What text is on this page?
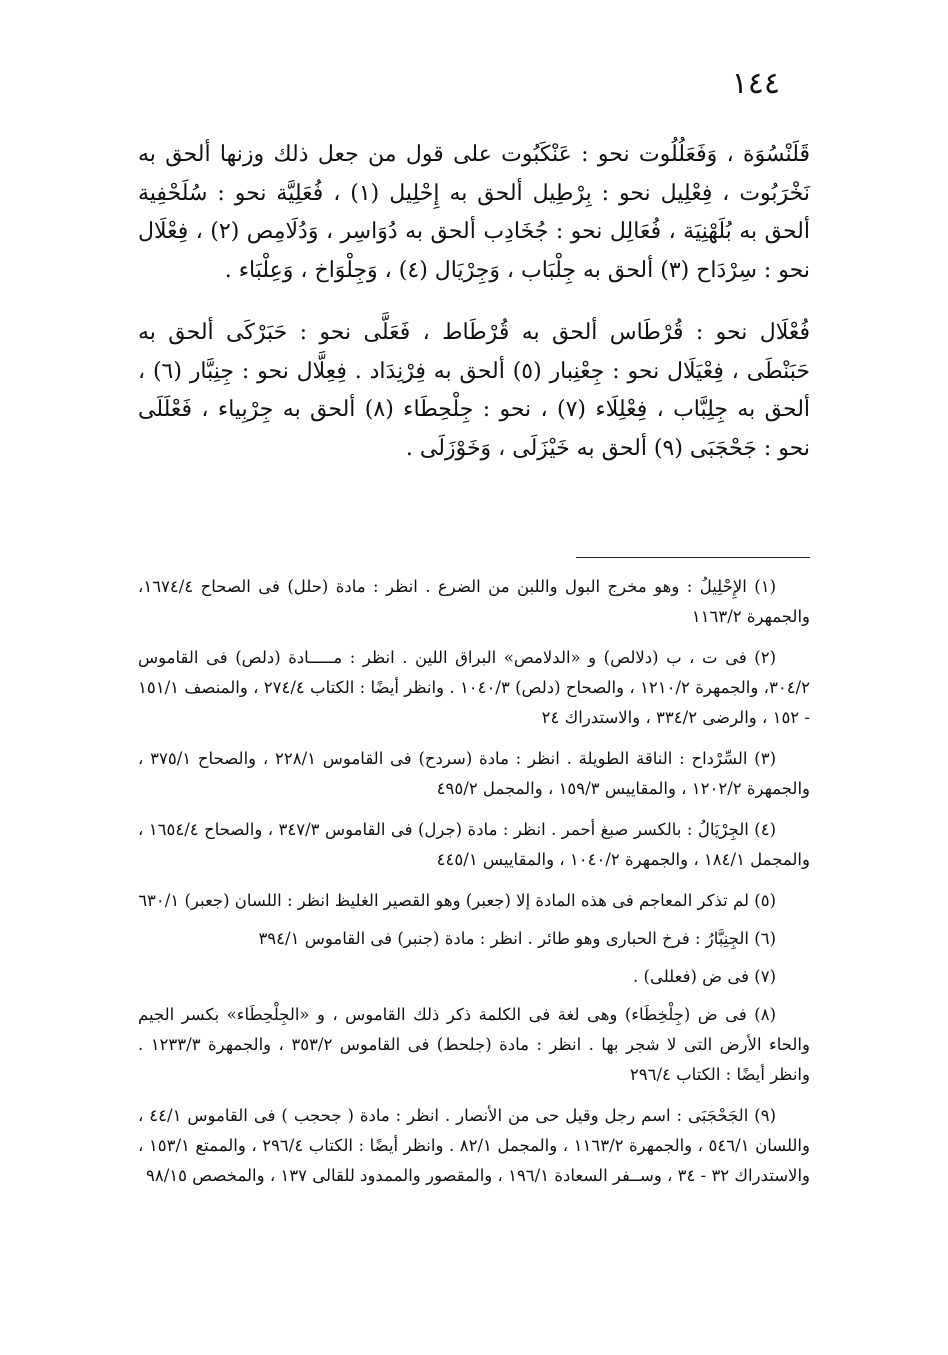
١٤٤

قَلَنْسُوَة ، وَفَعَلُلُوت نحو : عَنْكَبُوت على قول من جعل ذلك وزنها ألحق به نَخْرَبُوت ، فِعْلِيل نحو : بِرْطِيل ألحق به إِحْلِيل (١) ، فُعَلِيَّة نحو : سُلَحْفِية ألحق به بُلَهْنِيَة ، فُعَالِل نحو : جُخَادِب ألحق به دُوَاسِر ، وَدُلَامِص (٢) ، فِعْلَال نحو : سِرْدَاح (٣) ألحق به جِلْبَاب ، وَجِرْيَال (٤) ، وَجِلْوَاخ ، وَعِلْبَاء .

فُعْلَال نحو : قُرْطَاس ألحق به قُرْطَاط ، فَعَلَّى نحو : حَبَرْكَى ألحق به حَبَنْطَى ، فِعْيَلَال نحو : جِعْنِبار (٥) ألحق به فِرْنِدَاد . فِعِلَّال نحو : جِنِبَّار (٦) ، ألحق به جِلِبَّاب ، فِعْلِلَاء (٧) ، نحو : جِلْحِطَاء (٨) ألحق به جِرْبِياء ، فَعْلَلَى نحو : جَحْجَبَى (٩) ألحق به خَيْزَلَى ، وَخَوْزَلَى .

(١) الإِحْلِيلُ : وهو مخرج البول واللبن من الضرع . انظر : مادة (حلل) فى الصحاح ١٦٧٤/٤، والجمهرة ١١٦٣/٢

(٢) فى ت ، ب (دلالص) و «الدلامص» البراق اللين . انظر : مـــــادة (دلص) فى القاموس ٣٠٤/٢، والجمهرة ١٢١٠/٢ ، والصحاح (دلص) ١٠٤٠/٣ . وانظر أيضًا : الكتاب ٢٧٤/٤ ، والمنصف ١٥١/١ - ١٥٢ ، والرضى ٣٣٤/٢ ، والاستدراك ٢٤

(٣) السِّرْداح : الناقة الطويلة . انظر : مادة (سردح) فى القاموس ٢٢٨/١ ، والصحاح ٣٧٥/١ ، والجمهرة ١٢٠٢/٢ ، والمقاييس ١٥٩/٣ ، والمجمل ٤٩٥/٢

(٤) الجِرْيَالُ : بالكسر صبغ أحمر . انظر : مادة (جرل) فى القاموس ٣٤٧/٣ ، والصحاح ١٦٥٤/٤ ، والمجمل ١٨٤/١ ، والجمهرة ١٠٤٠/٢ ، والمقاييس ٤٤٥/١

(٥) لم تذكر المعاجم فى هذه المادة إلا (جعبر) وهو القصير الغليظ انظر : اللسان (جعبر) ٦٣٠/١

(٦) الجِنِبَّارُ : فرخ الحبارى وهو طائر . انظر : مادة (جنبر) فى القاموس ٣٩٤/١

(٧) فى ض (فعللى) .

(٨) فى ض (جِلْخِطَاء) وهى لغة فى الكلمة ذكر ذلك القاموس ، و «الجِلْحِطَاء» بكسر الجيم والحاء الأرض التى لا شجر بها . انظر : مادة (جلحط) فى القاموس ٣٥٣/٢ ، والجمهرة ١٢٣٣/٣ . وانظر أيضًا : الكتاب ٢٩٦/٤

(٩) الجَحْجَبَى : اسم رجل وقيل حى من الأنصار . انظر : مادة ( جحجب ) فى القاموس ٤٤/١ ، واللسان ٥٤٦/١ ، والجمهرة ١١٦٣/٢ ، والمجمل ٨٢/١ . وانظر أيضًا : الكتاب ٢٩٦/٤ ، والممتع ١٥٣/١ ، والاستدراك ٣٢ - ٣٤ ، وســفر السعادة ١٩٦/١ ، والمقصور والممدود للقالى ١٣٧ ، والمخصص ٩٨/١٥
